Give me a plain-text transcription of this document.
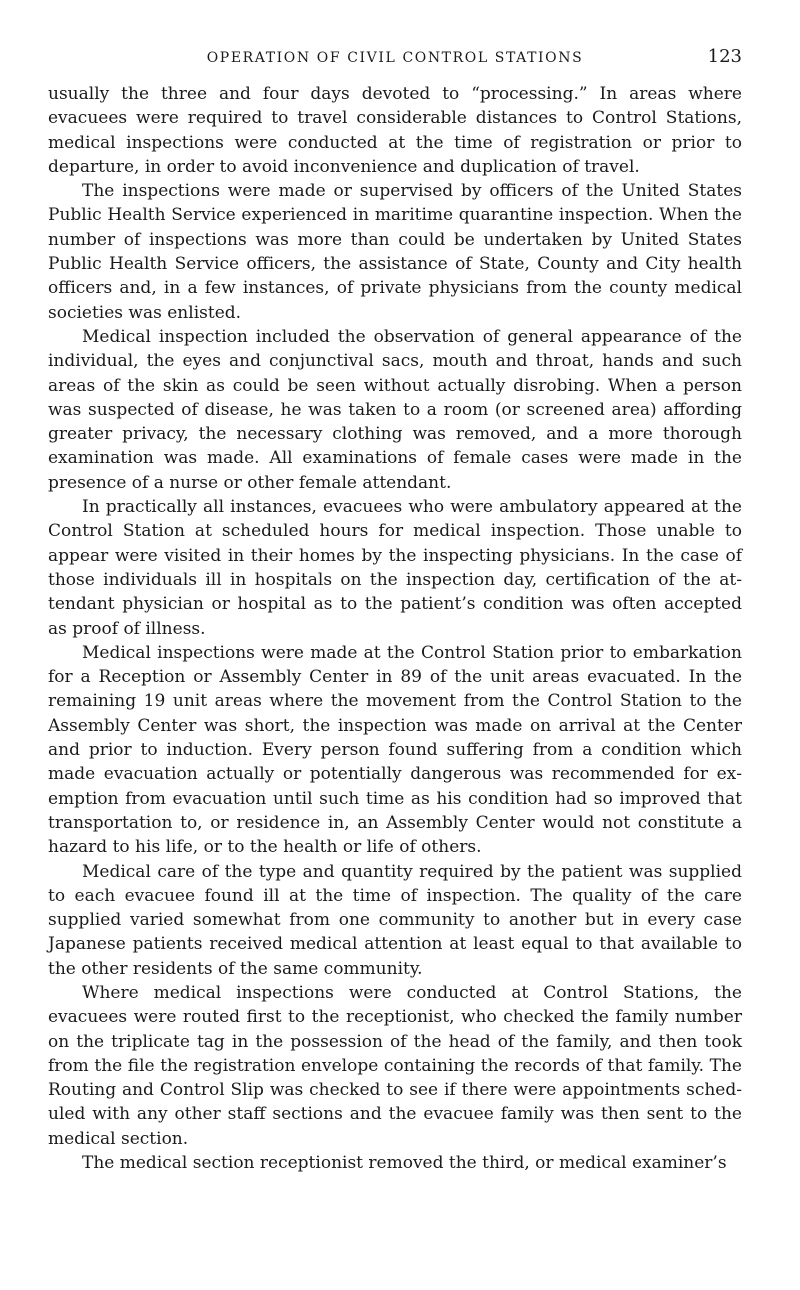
OPERATION OF CIVIL CONTROL STATIONS	123

usually the three and four days devoted to “processing.” In areas where evacuees were required to travel considerable distances to Control Stations, medical inspections were conducted at the time of registration or prior to departure, in order to avoid inconvenience and duplication of travel.

The inspections were made or supervised by officers of the United States Public Health Service experienced in maritime quarantine inspection. When the number of inspections was more than could be undertaken by United States Public Health Service officers, the assistance of State, County and City health officers and, in a few instances, of private physicians from the county medical societies was enlisted.

Medical inspection included the observation of general appearance of the individual, the eyes and conjunctival sacs, mouth and throat, hands and such areas of the skin as could be seen without actually disrobing. When a person was suspected of disease, he was taken to a room (or screened area) affording greater privacy, the necessary clothing was removed, and a more thorough examination was made. All examinations of female cases were made in the presence of a nurse or other female attendant.

In practically all instances, evacuees who were ambulatory appeared at the Control Station at scheduled hours for medical inspection. Those unable to appear were visited in their homes by the inspecting physicians. In the case of those individuals ill in hospitals on the inspection day, certification of the attendant physician or hospital as to the patient’s condition was often accepted as proof of illness.

Medical inspections were made at the Control Station prior to embarkation for a Reception or Assembly Center in 89 of the unit areas evacuated. In the remaining 19 unit areas where the movement from the Control Station to the Assembly Center was short, the inspection was made on arrival at the Center and prior to induction. Every person found suffering from a condition which made evacuation actually or potentially dangerous was recommended for exemption from evacuation until such time as his condition had so improved that transportation to, or residence in, an Assembly Center would not constitute a hazard to his life, or to the health or life of others.

Medical care of the type and quantity required by the patient was supplied to each evacuee found ill at the time of inspection. The quality of the care supplied varied somewhat from one community to another but in every case Japanese patients received medical attention at least equal to that available to the other residents of the same community.

Where medical inspections were conducted at Control Stations, the evacuees were routed first to the receptionist, who checked the family number on the triplicate tag in the possession of the head of the family, and then took from the file the registration envelope containing the records of that family. The Routing and Control Slip was checked to see if there were appointments scheduled with any other staff sections and the evacuee family was then sent to the medical section.

The medical section receptionist removed the third, or medical examiner’s
